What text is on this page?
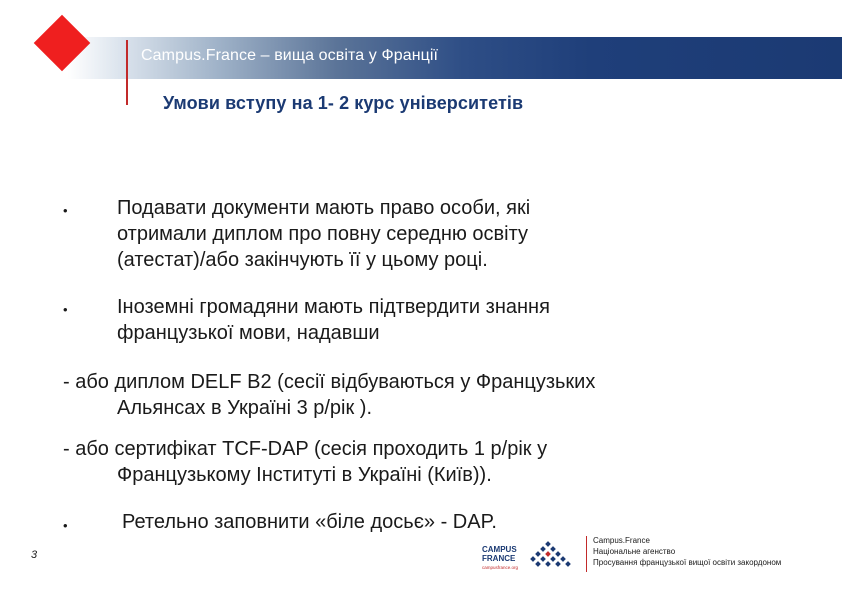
Campus.France – вища освіта у Франції
Умови вступу на 1- 2 курс університетів
• Подавати документи мають право особи, які
отримали диплом про повну середню освіту
(атестат)/або закінчують її у цьому році.
• Іноземні громадяни мають підтвердити знання
французької мови, надавши
- або диплом DELF B2 (сесії відбуваються у Французьких
Альянсах в Україні 3 р/рік ).
- або сертифікат TCF-DAP (сесія проходить 1 р/рік у
Французькому Інституті в Україні (Київ)).
•	Ретельно заповнити «біле досьє» - DAP.
3	CAMPUS
FRANCE
campusfrance.org
Campus.France
Національне агенство
Просування французької вищої освіти закордоном
